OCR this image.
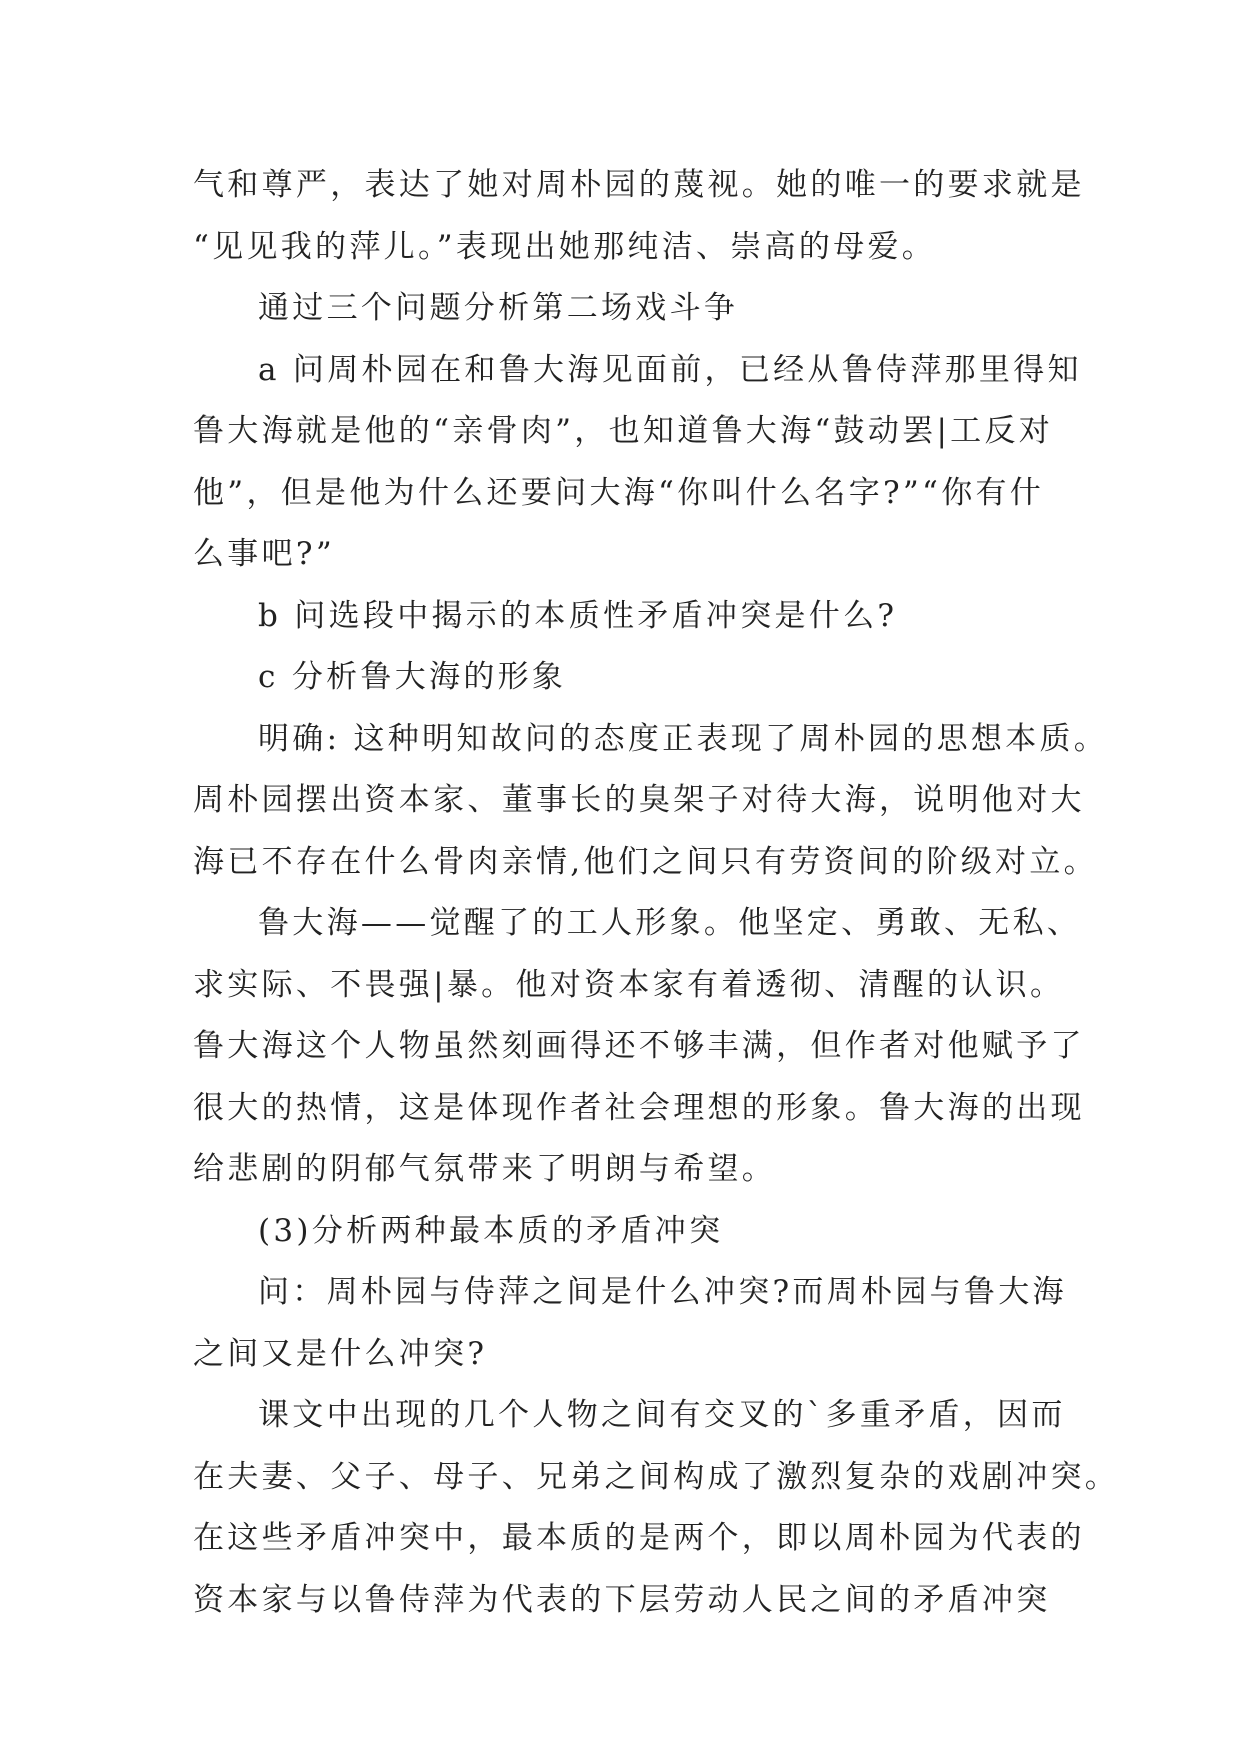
气和尊严，表达了她对周朴园的蔑视。她的唯一的要求就是

“见见我的萍儿。”表现出她那纯洁、崇高的母爱。

通过三个问题分析第二场戏斗争

a 问周朴园在和鲁大海见面前，已经从鲁侍萍那里得知

鲁大海就是他的“亲骨肉”，也知道鲁大海“鼓动罢|工反对

他”，但是他为什么还要问大海“你叫什么名字?”“你有什

么事吧?”

b 问选段中揭示的本质性矛盾冲突是什么?

c 分析鲁大海的形象

明确: 这种明知故问的态度正表现了周朴园的思想本质。

周朴园摆出资本家、董事长的臭架子对待大海，说明他对大

海已不存在什么骨肉亲情,他们之间只有劳资间的阶级对立。

鲁大海——觉醒了的工人形象。他坚定、勇敢、无私、

求实际、不畏强|暴。他对资本家有着透彻、清醒的认识。

鲁大海这个人物虽然刻画得还不够丰满，但作者对他赋予了

很大的热情，这是体现作者社会理想的形象。鲁大海的出现

给悲剧的阴郁气氛带来了明朗与希望。

(3)分析两种最本质的矛盾冲突

问：周朴园与侍萍之间是什么冲突?而周朴园与鲁大海

之间又是什么冲突?

课文中出现的几个人物之间有交叉的`多重矛盾，因而

在夫妻、父子、母子、兄弟之间构成了激烈复杂的戏剧冲突。

在这些矛盾冲突中，最本质的是两个，即以周朴园为代表的

资本家与以鲁侍萍为代表的下层劳动人民之间的矛盾冲突
